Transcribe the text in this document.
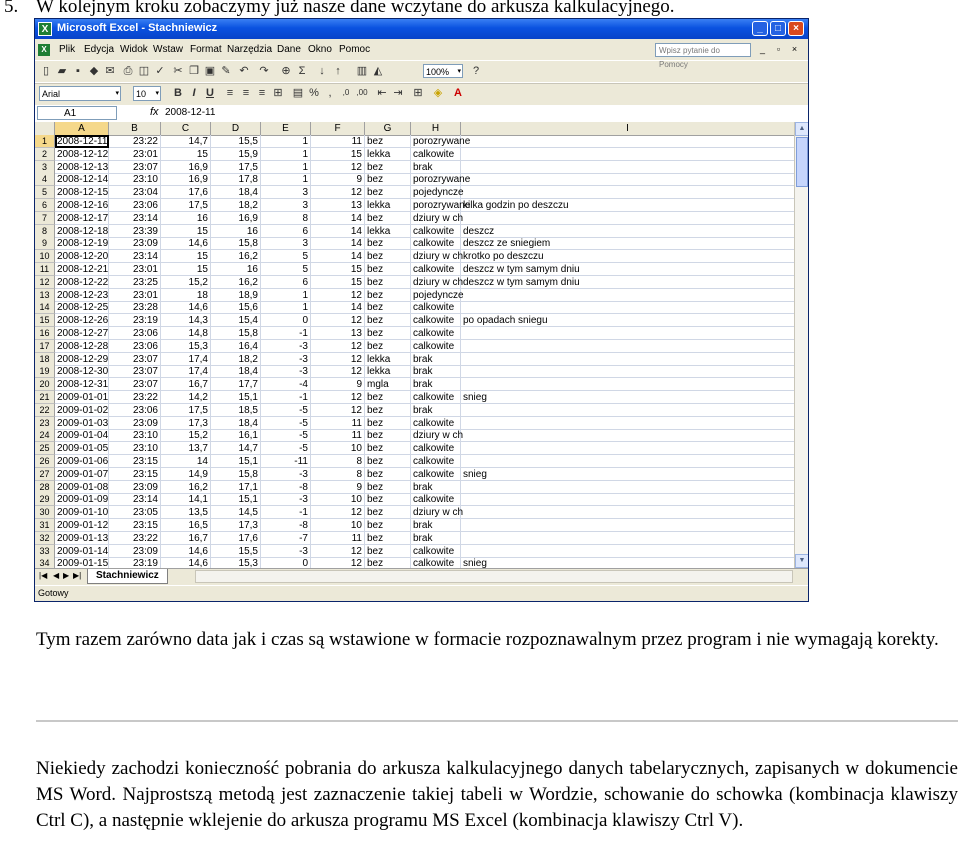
5. W kolejnym kroku zobaczymy już nasze dane wczytane do arkusza kalkulacyjnego.
X Microsoft Excel - Stachniewicz	_	□	×
X	Plik Edycja Widok Wstaw Format Narzędzia Dane Okno Pomoc	Wpisz pytanie do Pomocy
_	▫	×
▯ ▰ ▪ ◆ ✉ ⎙ ◫ ✓ ✂ ❐ ▣ ✎ ↶ ↷ ⊕ Σ	↓ ↑	▥ ◭	100% ▾	?
Arial	▾	10 ▾ B I U	≡ ≡ ≡ ⊞ ▤ % ,	,0 ,00 ⇤ ⇥ ⊞ ◈ A
A1	fx 2008-12-11
A	B	C	D	E	F	G	H	I
1	2008-12-11	23:22	14,7	15,5	1	11 bez	porozrywane
2	2008-12-12	23:01	15	15,9	1	15 lekka	calkowite
3	2008-12-13	23:07	16,9	17,5	1	12 bez	brak
4	2008-12-14	23:10	16,9	17,8	1	9 bez	porozrywane
5	2008-12-15	23:04	17,6	18,4	3	12 bez	pojedyncze
6	2008-12-16	23:06	17,5	18,2	3	13 lekka	porozrywane
kilka godzin po deszczu
7	2008-12-17	23:14	16	16,9	8	14 bez	dziury w ch
8	2008-12-18	23:39	15	16	6	14 lekka	calkowite deszcz
9	2008-12-19	23:09	14,6	15,8	3	14 bez	calkowite deszcz ze sniegiem
10 2008-12-20	23:14	15	16,2	5	14 bez	dziury w ch krotko po deszczu
11 2008-12-21	23:01	15	16	5	15 bez	calkowite deszcz w tym samym dniu
12 2008-12-22	23:25	15,2	16,2	6	15 bez	dziury w ch deszcz w tym samym dniu
13 2008-12-23	23:01	18	18,9	1	12 bez	pojedyncze
14 2008-12-25	23:28	14,6	15,6	1	14 bez	calkowite
15 2008-12-26	23:19	14,3	15,4	0	12 bez	calkowite po opadach sniegu
16 2008-12-27	23:06	14,8	15,8	-1	13 bez	calkowite
17 2008-12-28	23:06	15,3	16,4	-3	12 bez	calkowite
18 2008-12-29	23:07	17,4	18,2	-3	12 lekka	brak
19 2008-12-30	23:07	17,4	18,4	-3	12 lekka	brak
20 2008-12-31	23:07	16,7	17,7	-4	9 mgla	brak
21 2009-01-01	23:22	14,2	15,1	-1	12 bez	calkowite snieg
22 2009-01-02	23:06	17,5	18,5	-5	12 bez	brak
23 2009-01-03	23:09	17,3	18,4	-5	11 bez	calkowite
24 2009-01-04	23:10	15,2	16,1	-5	11 bez	dziury w ch
25 2009-01-05	23:10	13,7	14,7	-5	10 bez	calkowite
26 2009-01-06	23:15	14	15,1	-11	8 bez	calkowite
27 2009-01-07	23:15	14,9	15,8	-3	8 bez	calkowite snieg
28 2009-01-08	23:09	16,2	17,1	-8	9 bez	brak
29 2009-01-09	23:14	14,1	15,1	-3	10 bez	calkowite
30 2009-01-10	23:05	13,5	14,5	-1	12 bez	dziury w ch
31 2009-01-12	23:15	16,5	17,3	-8	10 bez	brak
32 2009-01-13	23:22	16,7	17,6	-7	11 bez	brak
33 2009-01-14	23:09	14,6	15,5	-3	12 bez	calkowite
34 2009-01-15	23:19	14,6	15,3	0	12 bez	calkowite snieg
▲
▼
|◀ ◀ ▶ ▶|	Stachniewicz
Gotowy
Tym razem zarówno data jak i czas są wstawione w formacie rozpoznawalnym przez program i nie wymagają korekty.
Niekiedy zachodzi konieczność pobrania do arkusza kalkulacyjnego danych tabelarycznych, zapisanych w dokumencie MS Word. Najprostszą metodą jest zaznaczenie takiej tabeli w Wordzie, schowanie do schowka (kombinacja klawiszy Ctrl C), a następnie wklejenie do arkusza programu MS Excel (kombinacja klawiszy Ctrl V).
